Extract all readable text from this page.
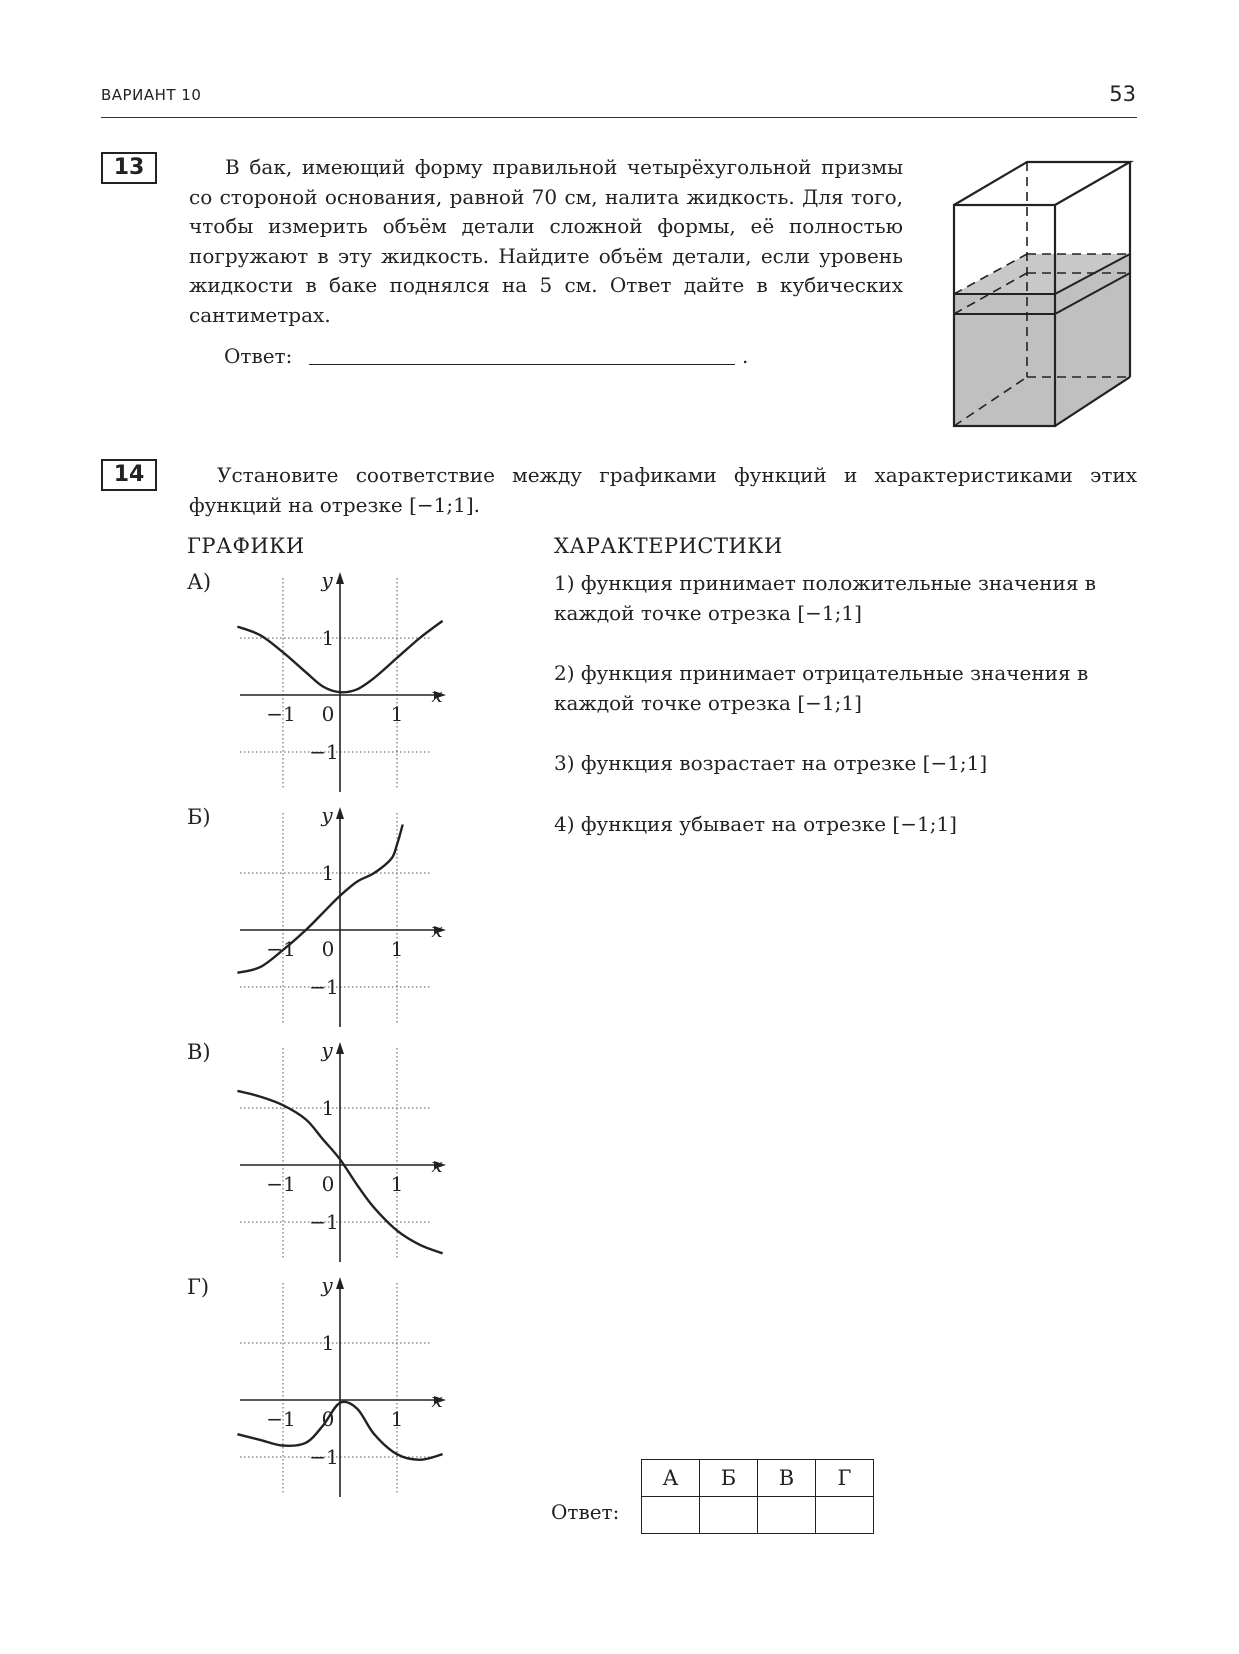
ВАРИАНТ 10	53
13	В бак, имеющий форму правильной четырёхугольной призмы со стороной основания, равной 70 см, налита жидкость. Для того, чтобы измерить объём детали сложной формы, её полностью погружают в эту жидкость. Найдите объём детали, если уровень жидкости в баке поднялся на 5 см. Ответ дайте в кубических сантиметрах.
Ответ:	.
14	Установите соответствие между графиками функций и характеристиками этих функций на отрезке [−1;1].
ГРАФИКИ	ХАРАКТЕРИСТИКИ
А)
Б)
В)
Г)
y
x
−1 0	1
1
−1
y
x
−1 0	1
1
−1
y
x
−1 0	1
1
−1
y
x
−1 0	1
1
−1
1) функция принимает положительные значения в каждой точке отрезка [−1;1]
2) функция принимает отрицательные значения в каждой точке отрезка [−1;1]
3) функция возрастает на отрезке [−1;1]
4) функция убывает на отрезке [−1;1]
Ответ:
А	Б	В	Г
